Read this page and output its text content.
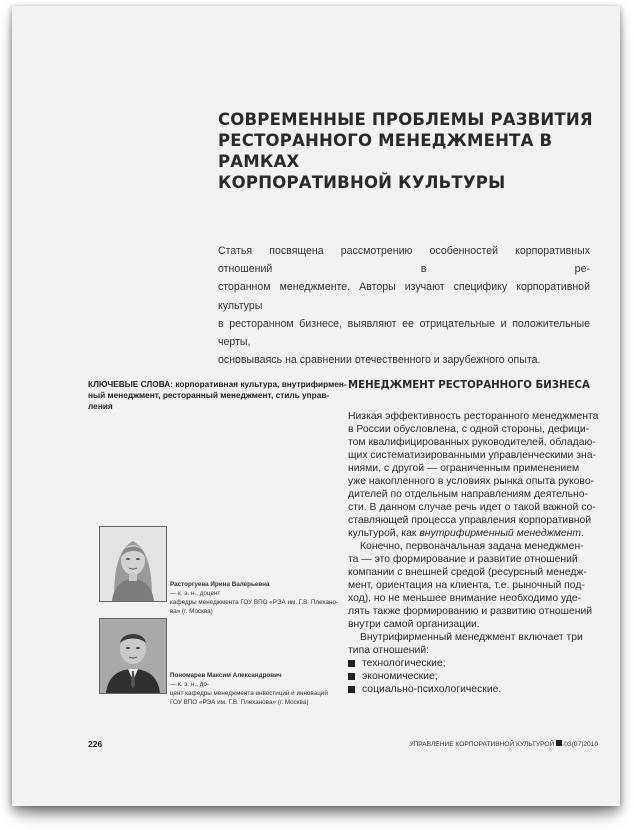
СОВРЕМЕННЫЕ ПРОБЛЕМЫ РАЗВИТИЯ
РЕСТОРАННОГО МЕНЕДЖМЕНТА В РАМКАХ
КОРПОРАТИВНОЙ КУЛЬТУРЫ
Статья посвящена рассмотрению особенностей корпоративных отношений в ре-
сторанном менеджменте. Авторы изучают специфику корпоративной культуры
в ресторанном бизнесе, выявляют ее отрицательные и положительные черты,
основываясь на сравнении отечественного и зарубежного опыта.
КЛЮЧЕВЫЕ СЛОВА: корпоративная культура, внутрифирмен-
ный менеджмент, ресторанный менеджмент, стиль управ-
ления
МЕНЕДЖМЕНТ РЕСТОРАННОГО БИЗНЕСА
Низкая эффективность ресторанного менеджмента
в России обусловлена, с одной стороны, дефици-
том квалифицированных руководителей, обладаю-
щих систематизированными управленческими зна-
ниями, с другой — ограниченным применением
уже накопленного в условиях рынка опыта руково-
дителей по отдельным направлениям деятельно-
сти. В данном случае речь идет о такой важной со-
ставляющей процесса управления корпоративной
культурой, как внутрифирменный менеджмент.
Конечно, первоначальная задача менеджмен-
та — это формирование и развитие отношений
компании с внешней средой (ресурсный менедж-
мент, ориентация на клиента, т.е. рыночный под-
ход), но не меньшее внимание необходимо уде-
лять также формированию и развитию отношений
внутри самой организации.
Внутрифирменный менеджмент включает три
типа отношений:
технологические;
экономические;
социально-психологические.
Расторгуева Ирина Валерьевна
— к. э. н., доцент
кафедры менеджмента ГОУ ВПО «РЭА им. Г.В. Плехано-
ва» (г. Москва)
Пономарев Максим Александрович
— к. э. н., до-
цент кафедры менеджмента инвестиций и инноваций
ГОУ ВПО «РЭА им. Г.В. Плеханова» (г. Москва)
226	УПРАВЛЕНИЕ КОРПОРАТИВНОЙ КУЛЬТУРОЙ 03(07)2010
